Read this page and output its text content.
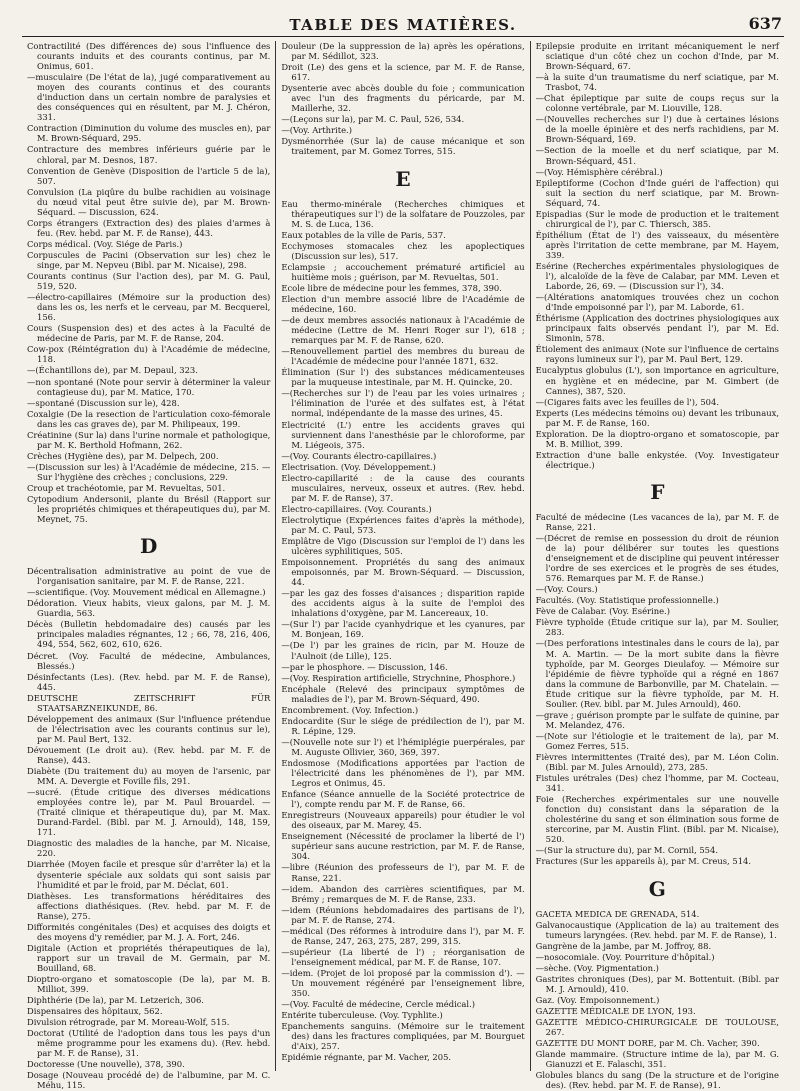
TABLE DES MATIÈRES.	637

Contractilité (Des différences de) sous l'influence des courants induits et des courants continus, par M. Onimus, 601.

—musculaire (De l'état de la), jugé comparativement au moyen des courants continus et des courants d'induction dans un certain nombre de paralysies et des conséquences qui en résultent, par M. J. Chéron, 331.

Contraction (Diminution du volume des muscles en), par M. Brown-Séquard, 295.

Contracture des membres inférieurs guérie par le chloral, par M. Desnos, 187.

Convention de Genève (Disposition de l'article 5 de la), 507.

Convulsion (La piqûre du bulbe rachidien au voisinage du nœud vital peut être suivie de), par M. Brown-Séquard. — Discussion, 624.

Corps étrangers (Extraction des) des plaies d'armes à feu. (Rev. hebd. par M. F. de Ranse), 443.

Corps médical. (Voy. Siége de Paris.)

Corpuscules de Pacini (Observation sur les) chez le singe, par M. Nepveu (Bibl. par M. Nicaise), 298.

Courants continus (Sur l'action des), par M. G. Paul, 519, 520.

—électro-capillaires (Mémoire sur la production des) dans les os, les nerfs et le cerveau, par M. Becquerel, 156.

Cours (Suspension des) et des actes à la Faculté de médecine de Paris, par M. F. de Ranse, 204.

Cow-pox (Réintégration du) à l'Académie de médecine, 118.

—(Échantillons de), par M. Depaul, 323.

—non spontané (Note pour servir à déterminer la valeur contagieuse du), par M. Matice, 170.

—spontané (Discussion sur le), 428.

Coxalgie (De la resection de l'articulation coxo-fémorale dans les cas graves de), par M. Philipeaux, 199.

Créatinine (Sur la) dans l'urine normale et pathologique, par M. K. Berthold Hofmann, 262.

Crèches (Hygiène des), par M. Delpech, 200.

—(Discussion sur les) à l'Académie de médecine, 215. — Sur l'hygiène des crèches ; conclusions, 229.

Croup et trachéotomie, par M. Revueltas, 501.

Cytopodium Andersonii, plante du Brésil (Rapport sur les propriétés chimiques et thérapeutiques du), par M. Meynet, 75.

D

Décentralisation administrative au point de vue de l'organisation sanitaire, par M. F. de Ranse, 221.

—scientifique. (Voy. Mouvement médical en Allemagne.)

Dédoration. Vieux habits, vieux galons, par M. J. M. Guardia, 563.

Décès (Bulletin hebdomadaire des) causés par les principales maladies régnantes, 12 ; 66, 78, 216, 406, 494, 554, 562, 602, 610, 626.

Décret. (Voy. Faculté de médecine, Ambulances, Blessés.)

Désinfectants (Les). (Rev. hebd. par M. F. de Ranse), 445.

DEUTSCHE ZEITSCHRIFT FÜR STAATSARZNEIKUNDE, 86.

Développement des animaux (Sur l'influence prétendue de l'électrisation avec les courants continus sur le), par M. Paul Bert, 132.

Dévouement (Le droit au). (Rev. hebd. par M. F. de Ranse), 443.

Diabète (Du traitement du) au moyen de l'arsenic, par MM. A. Devergie et Foville fils, 291.

—sucré. (Étude critique des diverses médications employées contre le), par M. Paul Brouardel. — (Traité clinique et thérapeutique du), par M. Max. Durand-Fardel. (Bibl. par M. J. Arnould), 148, 159, 171.

Diagnostic des maladies de la hanche, par M. Nicaise, 220.

Diarrhée (Moyen facile et presque sûr d'arrêter la) et la dysenterie spéciale aux soldats qui sont saisis par l'humidité et par le froid, par M. Déclat, 601.

Diathèses. Les transformations héréditaires des affections diathésiques. (Rev. hebd. par M. F. de Ranse), 275.

Difformités congénitales (Des) et acquises des doigts et des moyens d'y remédier, par M. J. A. Fort, 246.

Digitale (Action et propriétés thérapeutiques de la), rapport sur un travail de M. Germain, par M. Bouilland, 68.

Dioptro-organo et somatoscopie (De la), par M. B. Milliot, 399.

Diphthérie (De la), par M. Letzerich, 306.

Dispensaires des hôpitaux, 562.

Divulsion rétrograde, par M. Moreau-Wolf, 515.

Doctorat (Utilité de l'adoption dans tous les pays d'un même programme pour les examens du). (Rev. hebd. par M. F. de Ranse), 31.

Doctoresse (Une nouvelle), 378, 390.

Dosage (Nouveau procédé de) de l'albumine, par M. C. Méhu, 115.

Douleur (De la suppression de la) après les opérations, par M. Sédillot, 323.

Droit (Le) des gens et la science, par M. F. de Ranse, 617.

Dysenterie avec abcès double du foie ; communication avec l'un des fragments du péricarde, par M. Maillerhe, 32.

—(Leçons sur la), par M. C. Paul, 526, 534.

—(Voy. Arthrite.)

Dysménorrhée (Sur la) de cause mécanique et son traitement, par M. Gomez Torres, 515.

E

Eau thermo-minérale (Recherches chimiques et thérapeutiques sur l') de la solfatare de Pouzzoles, par M. S. de Luca, 136.

Eaux potables de la ville de Paris, 537.

Ecchymoses stomacales chez les apoplectiques (Discussion sur les), 517.

Eclampsie ; accouchement prématuré artificiel au huitième mois ; guérison, par M. Revueltas, 501.

Ecole libre de médecine pour les femmes, 378, 390.

Election d'un membre associé libre de l'Académie de médecine, 160.

—de deux membres associés nationaux à l'Académie de médecine (Lettre de M. Henri Roger sur l'), 618 ; remarques par M. F. de Ranse, 620.

—Renouvellement partiel des membres du bureau de l'Académie de médecine pour l'année 1871, 632.

Élimination (Sur l') des substances médicamenteuses par la muqueuse intestinale, par M. H. Quincke, 20.

—(Recherches sur l') de l'eau par les voies urinaires ; l'élimination de l'urée et des sulfates est, à l'état normal, indépendante de la masse des urines, 45.

Electricité (L') entre les accidents graves qui surviennent dans l'anesthésie par le chloroforme, par M. Liégeois, 375.

—(Voy. Courants électro-capillaires.)

Electrisation. (Voy. Développement.)

Electro-capillarité : de la cause des courants musculaires, nerveux, osseux et autres. (Rev. hebd. par M. F. de Ranse), 37.

Electro-capillaires. (Voy. Courants.)

Electrolytique (Expériences faites d'après la méthode), par M. C. Paul, 573.

Emplâtre de Vigo (Discussion sur l'emploi de l') dans les ulcères syphilitiques, 505.

Empoisonnement. Propriétés du sang des animaux empoisonnés, par M. Brown-Séquard. — Discussion, 44.

—par les gaz des fosses d'aisances ; disparition rapide des accidents aigus à la suite de l'emploi des inhalations d'oxygène, par M. Lancereaux, 10.

—(Sur l') par l'acide cyanhydrique et les cyanures, par M. Bonjean, 169.

—(De l') par les graines de ricin, par M. Houze de l'Aulnoit (de Lille), 125.

—par le phosphore. — Discussion, 146.

—(Voy. Respiration artificielle, Strychnine, Phosphore.)

Encéphale (Relevé des principaux symptômes de maladies de l'), par M. Brown-Séquard, 490.

Encombrement. (Voy. Infection.)

Endocardite (Sur le siége de prédilection de l'), par M. R. Lépine, 129.

—(Nouvelle note sur l') et l'hémiplégie puerpérales, par M. Auguste Ollivier, 360, 369, 397.

Endosmose (Modifications apportées par l'action de l'électricité dans les phénomènes de l'), par MM. Legros et Onimus, 45.

Enfance (Séance annuelle de la Société protectrice de l'), compte rendu par M. F. de Ranse, 66.

Enregistreurs (Nouveaux appareils) pour étudier le vol des oiseaux, par M. Marey, 45.

Enseignement (Nécessité de proclamer la liberté de l') supérieur sans aucune restriction, par M. F. de Ranse, 304.

—libre (Réunion des professeurs de l'), par M. F. de Ranse, 221.

—idem. Abandon des carrières scientifiques, par M. Brémy ; remarques de M. F. de Ranse, 233.

—idem (Réunions hebdomadaires des partisans de l'), par M. F. de Ranse, 274.

—médical (Des réformes à introduire dans l'), par M. F. de Ranse, 247, 263, 275, 287, 299, 315.

—supérieur (La liberté de l') ; réorganisation de l'enseignement médical, par M. F. de Ranse, 107.

—idem. (Projet de loi proposé par la commission d'). — Un mouvement régénéré par l'enseignement libre, 350.

—(Voy. Faculté de médecine, Cercle médical.)

Entérite tuberculeuse. (Voy. Typhlite.)

Epanchements sanguins. (Mémoire sur le traitement des) dans les fractures compliquées, par M. Bourguet d'Aix), 257.

Epidémie régnante, par M. Vacher, 205.

Epilepsie produite en irritant mécaniquement le nerf sciatique d'un côté chez un cochon d'Inde, par M. Brown-Séquard, 67.

—à la suite d'un traumatisme du nerf sciatique, par M. Trasbot, 74.

—Chat épileptique par suite de coups reçus sur la colonne vertébrale, par M. Liouville, 128.

—(Nouvelles recherches sur l') due à certaines lésions de la moelle épinière et des nerfs rachidiens, par M. Brown-Séquard, 169.

—Section de la moelle et du nerf sciatique, par M. Brown-Séquard, 451.

—(Voy. Hémisphère cérébral.)

Epileptiforme (Cochon d'Inde guéri de l'affection) qui suit la section du nerf sciatique, par M. Brown-Séquard, 74.

Epispadias (Sur le mode de production et le traitement chirurgical de l'), par C. Thiersch, 385.

Épithélium (État de l') des vaisseaux, du mésentère après l'irritation de cette membrane, par M. Hayem, 339.

Esérine (Recherches expérimentales physiologiques de l'), alcaloïde de la fève de Calabar, par MM. Leven et Laborde, 26, 69. — (Discussion sur l'), 34.

—(Altérations anatomiques trouvées chez un cochon d'Inde empoisonné par l'), par M. Laborde, 61.

Éthérisme (Application des doctrines physiologiques aux principaux faits observés pendant l'), par M. Ed. Simonin, 578.

Étiolement des animaux (Note sur l'influence de certains rayons lumineux sur l'), par M. Paul Bert, 129.

Eucalyptus globulus (L'), son importance en agriculture, en hygiène et en médecine, par M. Gimbert (de Cannes), 387, 520.

—(Cigares faits avec les feuilles de l'), 504.

Experts (Les médecins témoins ou) devant les tribunaux, par M. F. de Ranse, 160.

Exploration. De la dioptro-organo et somatoscopie, par M. B. Milliot, 399.

Extraction d'une balle enkystée. (Voy. Investigateur électrique.)

F

Faculté de médecine (Les vacances de la), par M. F. de Ranse, 221.

—(Décret de remise en possession du droit de réunion de la) pour délibérer sur toutes les questions d'enseignement et de discipline qui peuvent intéresser l'ordre de ses exercices et le progrès de ses études, 576. Remarques par M. F. de Ranse.)

—(Voy. Cours.)

Facultés. (Voy. Statistique professionnelle.)

Fève de Calabar. (Voy. Esérine.)

Fièvre typhoïde (Étude critique sur la), par M. Soulier, 283.

—(Des perforations intestinales dans le cours de la), par M. A. Martin. — De la mort subite dans la fièvre typhoïde, par M. Georges Dieulafoy. — Mémoire sur l'épidémie de fièvre typhoïde qui a régné en 1867 dans la commune de Barbonville, par M. Chatelain. — Étude critique sur la fièvre typhoïde, par M. H. Soulier. (Rev. bibl. par M. Jules Arnould), 460.

—grave ; guérison prompte par le sulfate de quinine, par M. Melandez, 476.

—(Note sur l'étiologie et le traitement de la), par M. Gomez Ferres, 515.

Fièvres intermittentes (Traité des), par M. Léon Colin. (Bibl. par M. Jules Arnould), 273, 285.

Fistules urétrales (Des) chez l'homme, par M. Cocteau, 341.

Foie (Recherches expérimentales sur une nouvelle fonction du) consistant dans la séparation de la cholestérine du sang et son élimination sous forme de stercorine, par M. Austin Flint. (Bibl. par M. Nicaise), 520.

—(Sur la structure du), par M. Cornil, 554.

Fractures (Sur les appareils à), par M. Creus, 514.

G

GACETA MEDICA DE GRENADA, 514.

Galvanocaustique (Application de la) au traitement des tumeurs laryngées. (Rev. hebd. par M. F. de Ranse), 1.

Gangrène de la jambe, par M. Joffroy, 88.

—nosocomiale. (Voy. Pourriture d'hôpital.)

—sèche. (Voy. Pigmentation.)

Gastrites chroniques (Des), par M. Bottentuit. (Bibl. par M. J. Arnould), 410.

Gaz. (Voy. Empoisonnement.)

GAZETTE MÉDICALE DE LYON, 193.

GAZETTE MÉDICO-CHIRURGICALE DE TOULOUSE, 267.

GAZETTE DU MONT DORE, par M. Ch. Vacher, 390.

Glande mammaire. (Structure intime de la), par M. G. Gianuzzi et E. Falaschi, 351.

Globules blancs du sang (De la structure et de l'origine des). (Rev. hebd. par M. F. de Ranse), 91.
